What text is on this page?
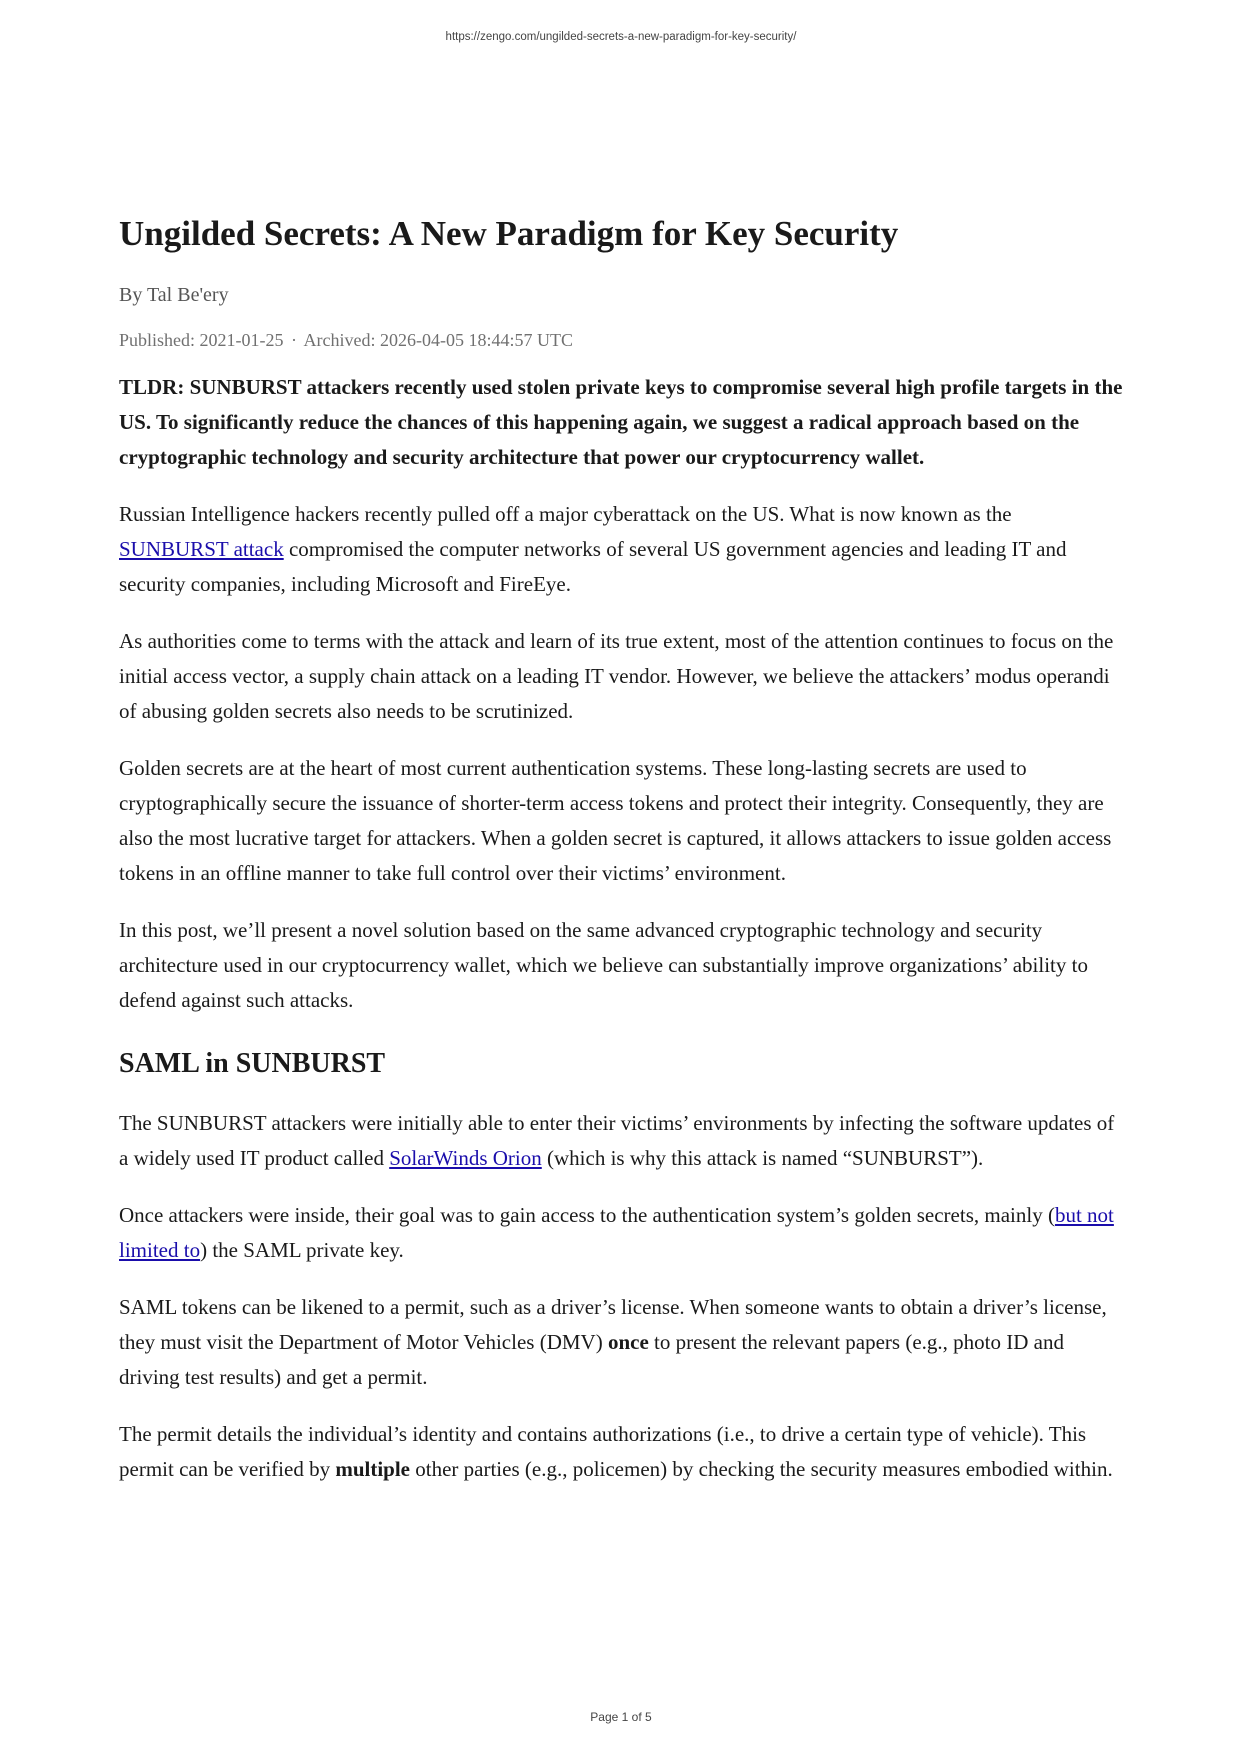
https://zengo.com/ungilded-secrets-a-new-paradigm-for-key-security/
Ungilded Secrets: A New Paradigm for Key Security
By Tal Be'ery
Published: 2021-01-25 · Archived: 2026-04-05 18:44:57 UTC

TLDR: SUNBURST attackers recently used stolen private keys to compromise several high profile targets in the US. To significantly reduce the chances of this happening again, we suggest a radical approach based on the cryptographic technology and security architecture that power our cryptocurrency wallet.

Russian Intelligence hackers recently pulled off a major cyberattack on the US. What is now known as the SUNBURST attack compromised the computer networks of several US government agencies and leading IT and security companies, including Microsoft and FireEye.

As authorities come to terms with the attack and learn of its true extent, most of the attention continues to focus on the initial access vector, a supply chain attack on a leading IT vendor. However, we believe the attackers’ modus operandi of abusing golden secrets also needs to be scrutinized.

Golden secrets are at the heart of most current authentication systems. These long-lasting secrets are used to cryptographically secure the issuance of shorter-term access tokens and protect their integrity. Consequently, they are also the most lucrative target for attackers. When a golden secret is captured, it allows attackers to issue golden access tokens in an offline manner to take full control over their victims’ environment.

In this post, we’ll present a novel solution based on the same advanced cryptographic technology and security architecture used in our cryptocurrency wallet, which we believe can substantially improve organizations’ ability to defend against such attacks.

SAML in SUNBURST

The SUNBURST attackers were initially able to enter their victims’ environments by infecting the software updates of a widely used IT product called SolarWinds Orion (which is why this attack is named “SUNBURST”).

Once attackers were inside, their goal was to gain access to the authentication system’s golden secrets, mainly (but not limited to) the SAML private key.

SAML tokens can be likened to a permit, such as a driver’s license. When someone wants to obtain a driver’s license, they must visit the Department of Motor Vehicles (DMV) once to present the relevant papers (e.g., photo ID and driving test results) and get a permit.

The permit details the individual’s identity and contains authorizations (i.e., to drive a certain type of vehicle). This permit can be verified by multiple other parties (e.g., policemen) by checking the security measures embodied within.

Page 1 of 5
